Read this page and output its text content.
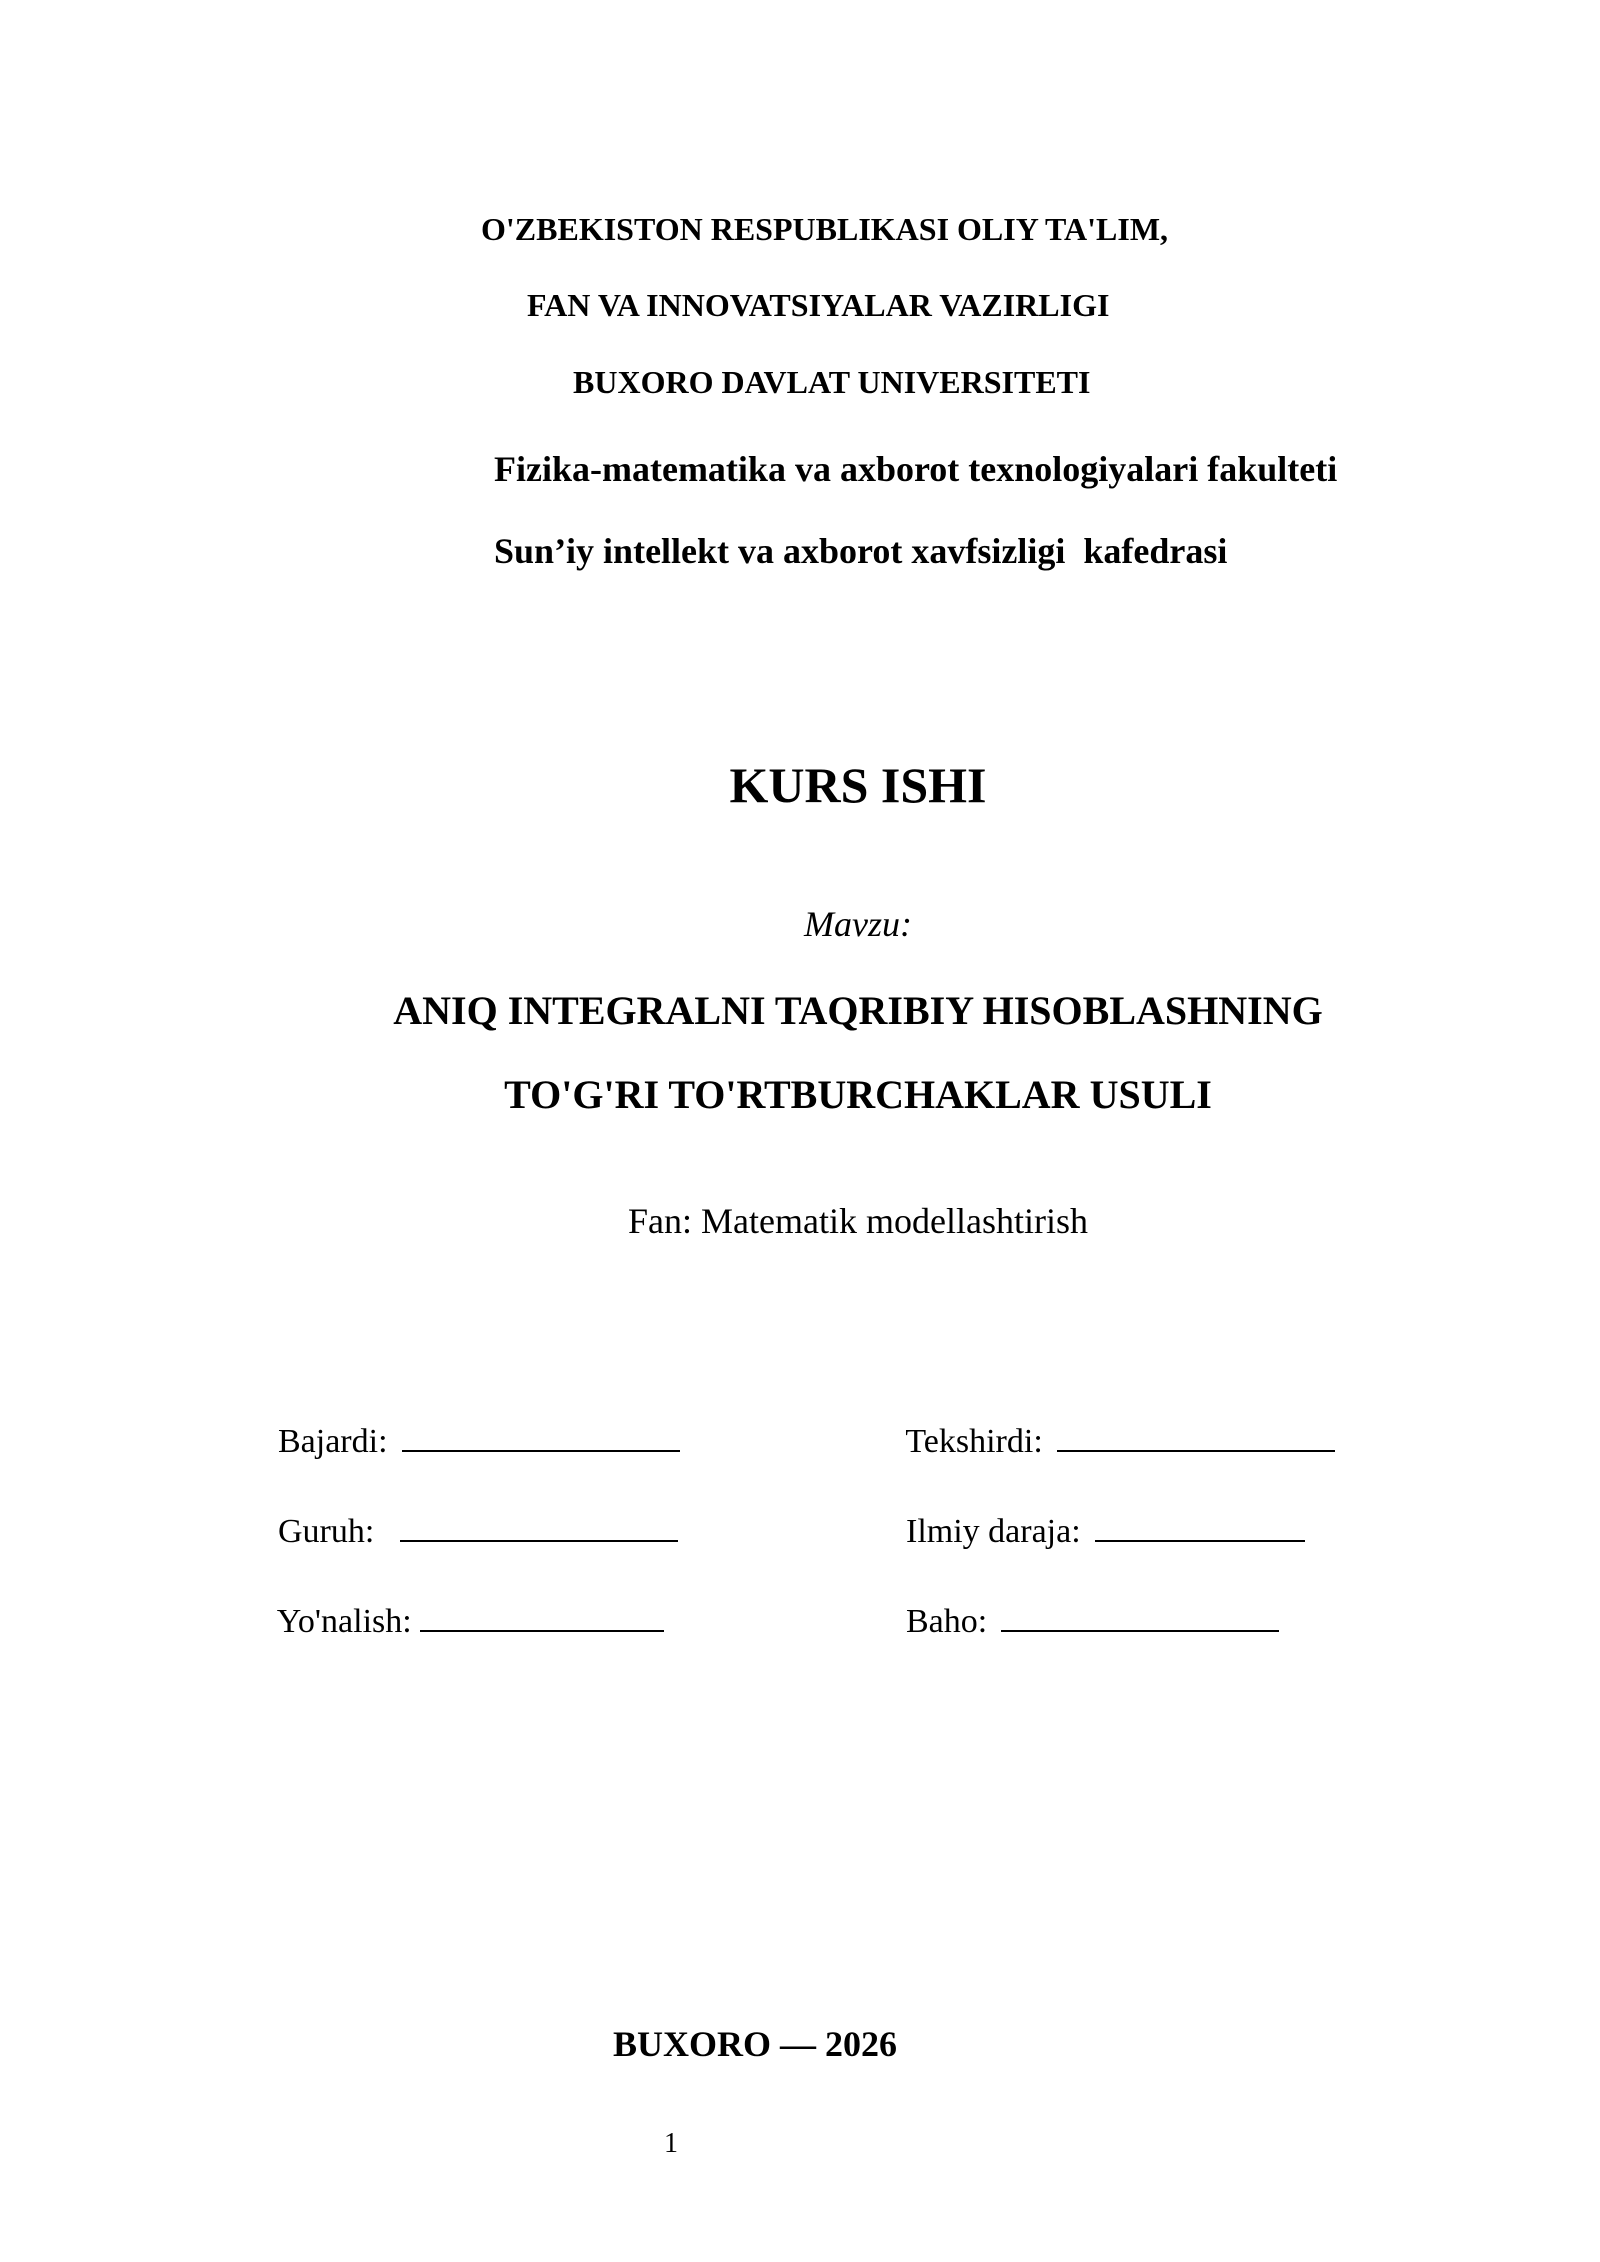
O'ZBEKISTON RESPUBLIKASI OLIY TA'LIM,
FAN VA INNOVATSIYALAR VAZIRLIGI
BUXORO DAVLAT UNIVERSITETI
Fizika-matematika va axborot texnologiyalari fakulteti
Sun’iy intellekt va axborot xavfsizligi  kafedrasi
KURS ISHI
Mavzu:
ANIQ INTEGRALNI TAQRIBIY HISOBLASHNING
TO'G'RI TO'RTBURCHAKLAR USULI
Fan: Matematik modellashtirish

Bajardi:

Guruh:

Yo'nalish:

Tekshirdi:

Ilmiy daraja:

Baho:

BUXORO — 2026
1
